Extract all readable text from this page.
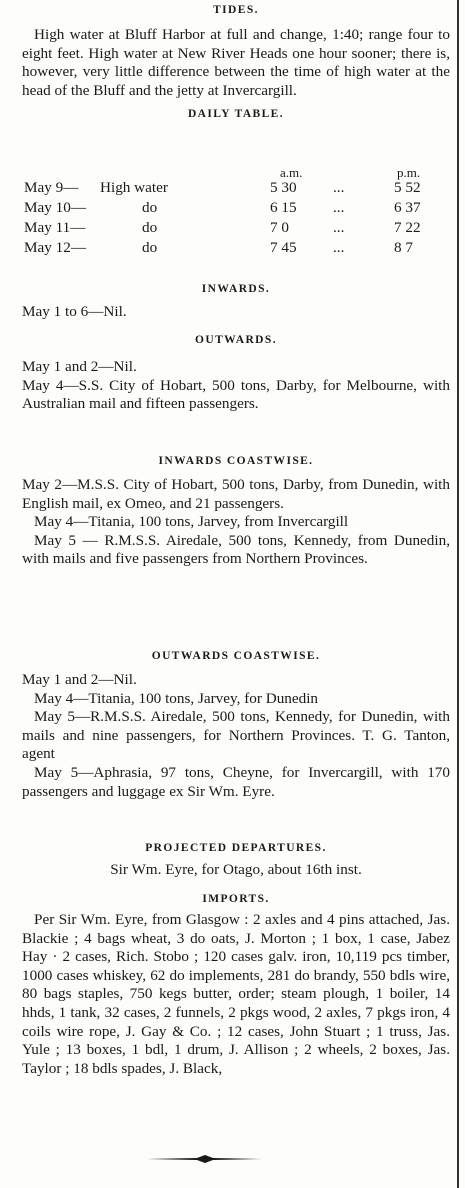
TIDES.

High water at Bluff Harbor at full and change, 1:40; range four to eight feet. High water at New River Heads one hour sooner; there is, however, very little difference between the time of high water at the head of the Bluff and the jetty at Invercargill.

DAILY TABLE.

a.m.	p.m.
May 9— High water	5 30 ...	5 52
May 10—	do	6 15 ...	6 37
May 11—	do	7 0	...	7 22
May 12—	do	7 45 ...	8 7

INWARDS.

May 1 to 6—Nil.

OUTWARDS.

May 1 and 2—Nil.

May 4—S.S. City of Hobart, 500 tons, Darby, for Melbourne, with Australian mail and fifteen passengers.

INWARDS COASTWISE.

May 2—M.S.S. City of Hobart, 500 tons, Darby, from Dunedin, with English mail, ex Omeo, and 21 passengers.

May 4—Titania, 100 tons, Jarvey, from Invercargill

May 5 — R.M.S.S. Airedale, 500 tons, Kennedy, from Dunedin, with mails and five passengers from Northern Provinces.

OUTWARDS COASTWISE.

May 1 and 2—Nil.

May 4—Titania, 100 tons, Jarvey, for Dunedin

May 5—R.M.S.S. Airedale, 500 tons, Kennedy, for Dunedin, with mails and nine passengers, for Northern Provinces. T. G. Tanton, agent

May 5—Aphrasia, 97 tons, Cheyne, for Invercargill, with 170 passengers and luggage ex Sir Wm. Eyre.

PROJECTED DEPARTURES.

Sir Wm. Eyre, for Otago, about 16th inst.

IMPORTS.

Per Sir Wm. Eyre, from Glasgow : 2 axles and 4 pins attached, Jas. Blackie ; 4 bags wheat, 3 do oats, J. Morton ; 1 box, 1 case, Jabez Hay · 2 cases, Rich. Stobo ; 120 cases galv. iron, 10,119 pcs timber, 1000 cases whiskey, 62 do implements, 281 do brandy, 550 bdls wire, 80 bags staples, 750 kegs butter, order; steam plough, 1 boiler, 14 hhds, 1 tank, 32 cases, 2 funnels, 2 pkgs wood, 2 axles, 7 pkgs iron, 4 coils wire rope, J. Gay & Co. ; 12 cases, John Stuart ; 1 truss, Jas. Yule ; 13 boxes, 1 bdl, 1 drum, J. Allison ; 2 wheels, 2 boxes, Jas. Taylor ; 18 bdls spades, J. Black,
